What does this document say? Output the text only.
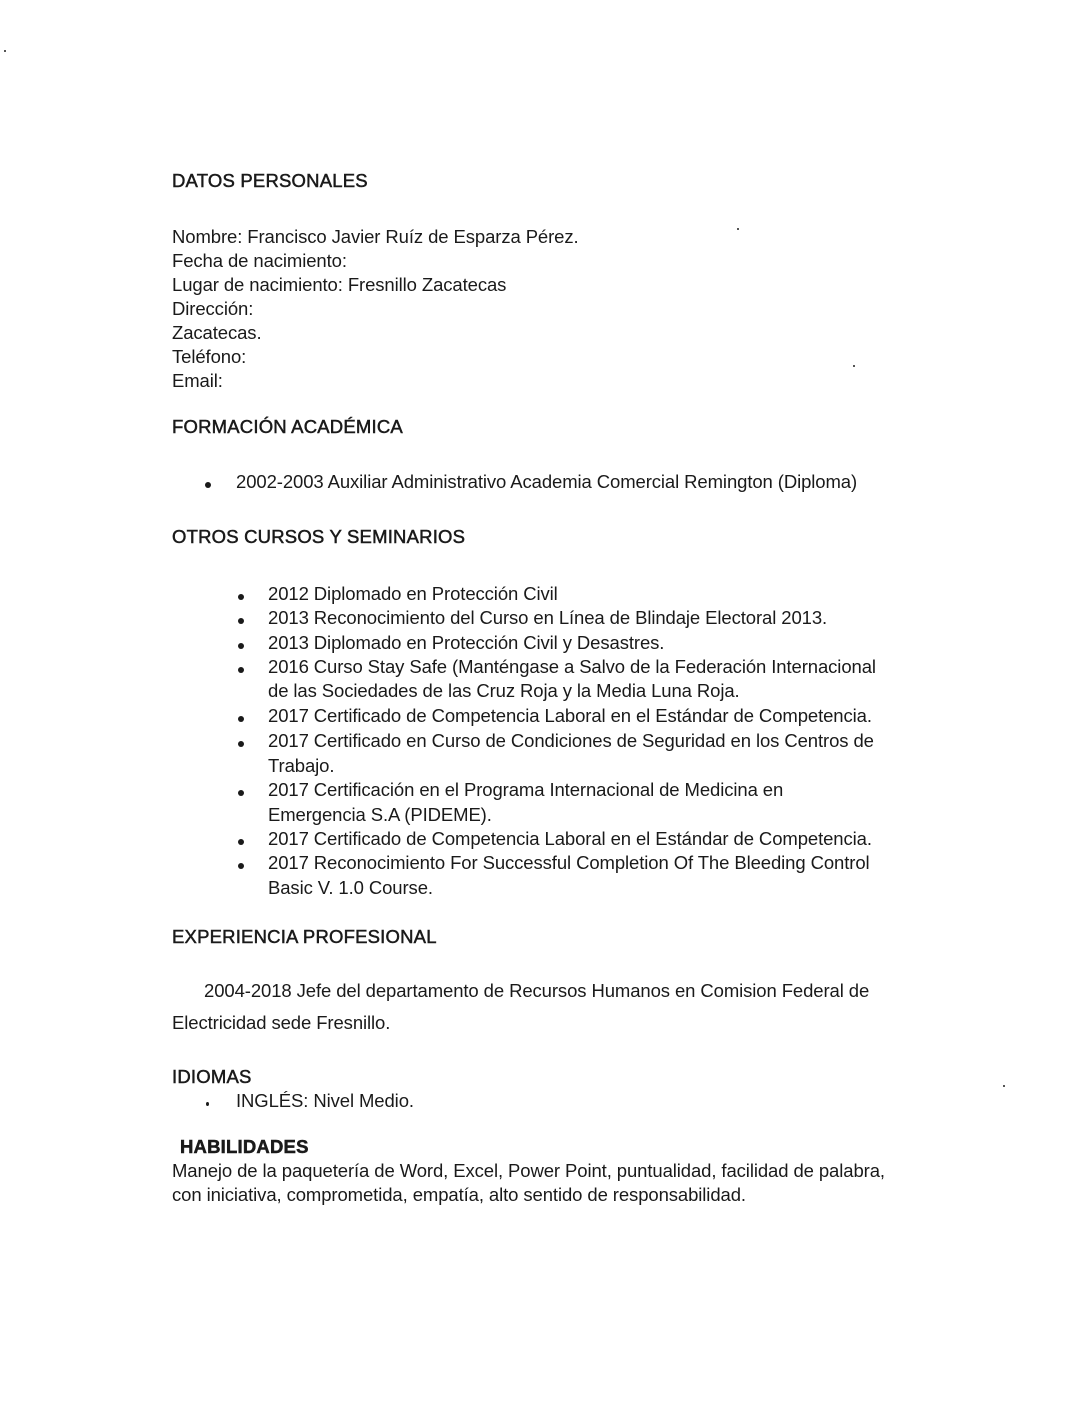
DATOS PERSONALES
Nombre: Francisco Javier Ruíz de Esparza Pérez.
Fecha de nacimiento:
Lugar de nacimiento: Fresnillo Zacatecas
Dirección:
Zacatecas.
Teléfono:
Email:
FORMACIÓN ACADÉMICA
2002-2003 Auxiliar Administrativo Academia Comercial Remington (Diploma)
OTROS CURSOS Y SEMINARIOS
2012 Diplomado en Protección Civil
2013 Reconocimiento del Curso en Línea de Blindaje Electoral 2013.
2013 Diplomado en Protección Civil y Desastres.
2016 Curso Stay Safe (Manténgase a Salvo de la Federación Internacional
de las Sociedades de las Cruz Roja y la Media Luna Roja.
2017 Certificado de Competencia Laboral en el Estándar de Competencia.
2017 Certificado en Curso de Condiciones de Seguridad en los Centros de
Trabajo.
2017 Certificación en el Programa Internacional de Medicina en
Emergencia S.A (PIDEME).
2017 Certificado de Competencia Laboral en el Estándar de Competencia.
2017 Reconocimiento For Successful Completion Of The Bleeding Control
Basic V. 1.0 Course.
EXPERIENCIA PROFESIONAL
2004-2018 Jefe del departamento de Recursos Humanos en Comision Federal de
Electricidad sede Fresnillo.
IDIOMAS
INGLÉS: Nivel Medio.
HABILIDADES
Manejo de la paquetería de Word, Excel, Power Point, puntualidad, facilidad de palabra,
con iniciativa, comprometida, empatía, alto sentido de responsabilidad.
